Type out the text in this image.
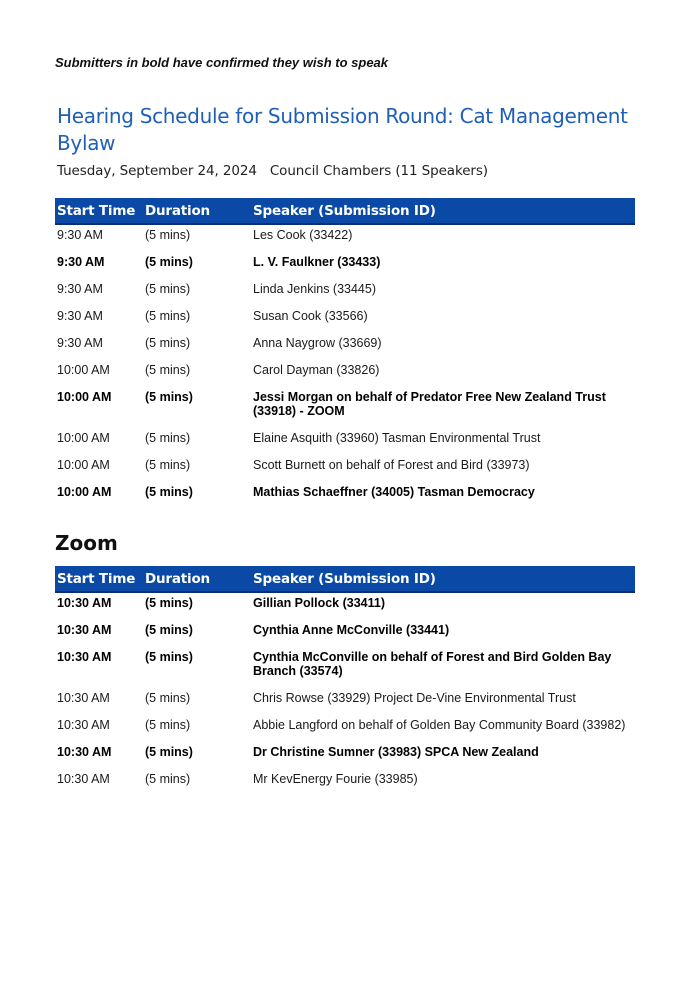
Submitters in bold have confirmed they wish to speak
Hearing Schedule for Submission Round: Cat Management Bylaw
Tuesday, September 24, 2024 Council Chambers (11 Speakers)
Start Time	Duration	Speaker (Submission ID)
9:30 AM	(5 mins)	Les Cook (33422)
9:30 AM	(5 mins)	L. V. Faulkner (33433)
9:30 AM	(5 mins)	Linda Jenkins (33445)
9:30 AM	(5 mins)	Susan Cook (33566)
9:30 AM	(5 mins)	Anna Naygrow (33669)
10:00 AM	(5 mins)	Carol Dayman (33826)
10:00 AM	(5 mins)	Jessi Morgan on behalf of Predator Free New Zealand Trust (33918) - ZOOM
10:00 AM	(5 mins)	Elaine Asquith (33960) Tasman Environmental Trust
10:00 AM	(5 mins)	Scott Burnett on behalf of Forest and Bird (33973)
10:00 AM	(5 mins)	Mathias Schaeffner (34005) Tasman Democracy
Zoom
Start Time	Duration	Speaker (Submission ID)
10:30 AM	(5 mins)	Gillian Pollock (33411)
10:30 AM	(5 mins)	Cynthia Anne McConville (33441)
10:30 AM	(5 mins)	Cynthia McConville on behalf of Forest and Bird Golden Bay Branch (33574)
10:30 AM	(5 mins)	Chris Rowse (33929) Project De-Vine Environmental Trust
10:30 AM	(5 mins)	Abbie Langford on behalf of Golden Bay Community Board (33982)
10:30 AM	(5 mins)	Dr Christine Sumner (33983) SPCA New Zealand
10:30 AM	(5 mins)	Mr KevEnergy Fourie (33985)
